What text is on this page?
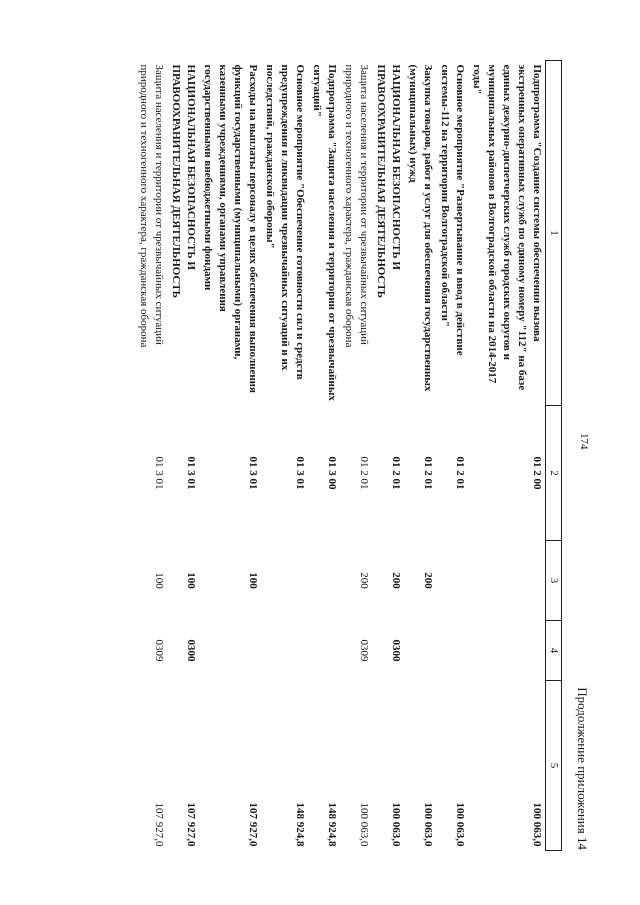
174
Продолжение приложения 14
1	2	3	4	5
Подпрограмма "Создание системы обеспечения вызова экстренных оперативных служб по единому номеру "112" на базе единых дежурно-диспетчерских служб городских округов и муниципальных районов в Волгоградской области на 2014-2017 годы"	01 2 00			100 063,0
Основное мероприятие "Развертывание и ввод в действие системы-112 на территории Волгоградской области"	01 2 01			100 063,0
Закупка товаров, работ и услуг для обеспечения государственных (муниципальных) нужд	01 2 01	200		100 063,0
НАЦИОНАЛЬНАЯ БЕЗОПАСНОСТЬ И ПРАВООХРАНИТЕЛЬНАЯ ДЕЯТЕЛЬНОСТЬ	01 2 01	200	0300	100 063,0
Защита населения и территории от чрезвычайных ситуаций природного и техногенного характера, гражданская оборона	01 2 01	200	0309	100 063,0
Подпрограмма "Защита населения и территории от чрезвычайных ситуаций"	01 3 00			148 924,8
Основное мероприятие "Обеспечение готовности сил и средств предупреждения и ликвидации чрезвычайных ситуаций и их последствий, гражданской обороны"	01 3 01			148 924,8
Расходы на выплаты персоналу в целях обеспечения выполнения функций государственными (муниципальными) органами, казенными учреждениями, органами управления государственными внебюджетными фондами	01 3 01	100		107 927,0
НАЦИОНАЛЬНАЯ БЕЗОПАСНОСТЬ И ПРАВООХРАНИТЕЛЬНАЯ ДЕЯТЕЛЬНОСТЬ	01 3 01	100	0300	107 927,0
Защита населения и территории от чрезвычайных ситуаций природного и техногенного характера, гражданская оборона	01 3 01	100	0309	107 927,0
